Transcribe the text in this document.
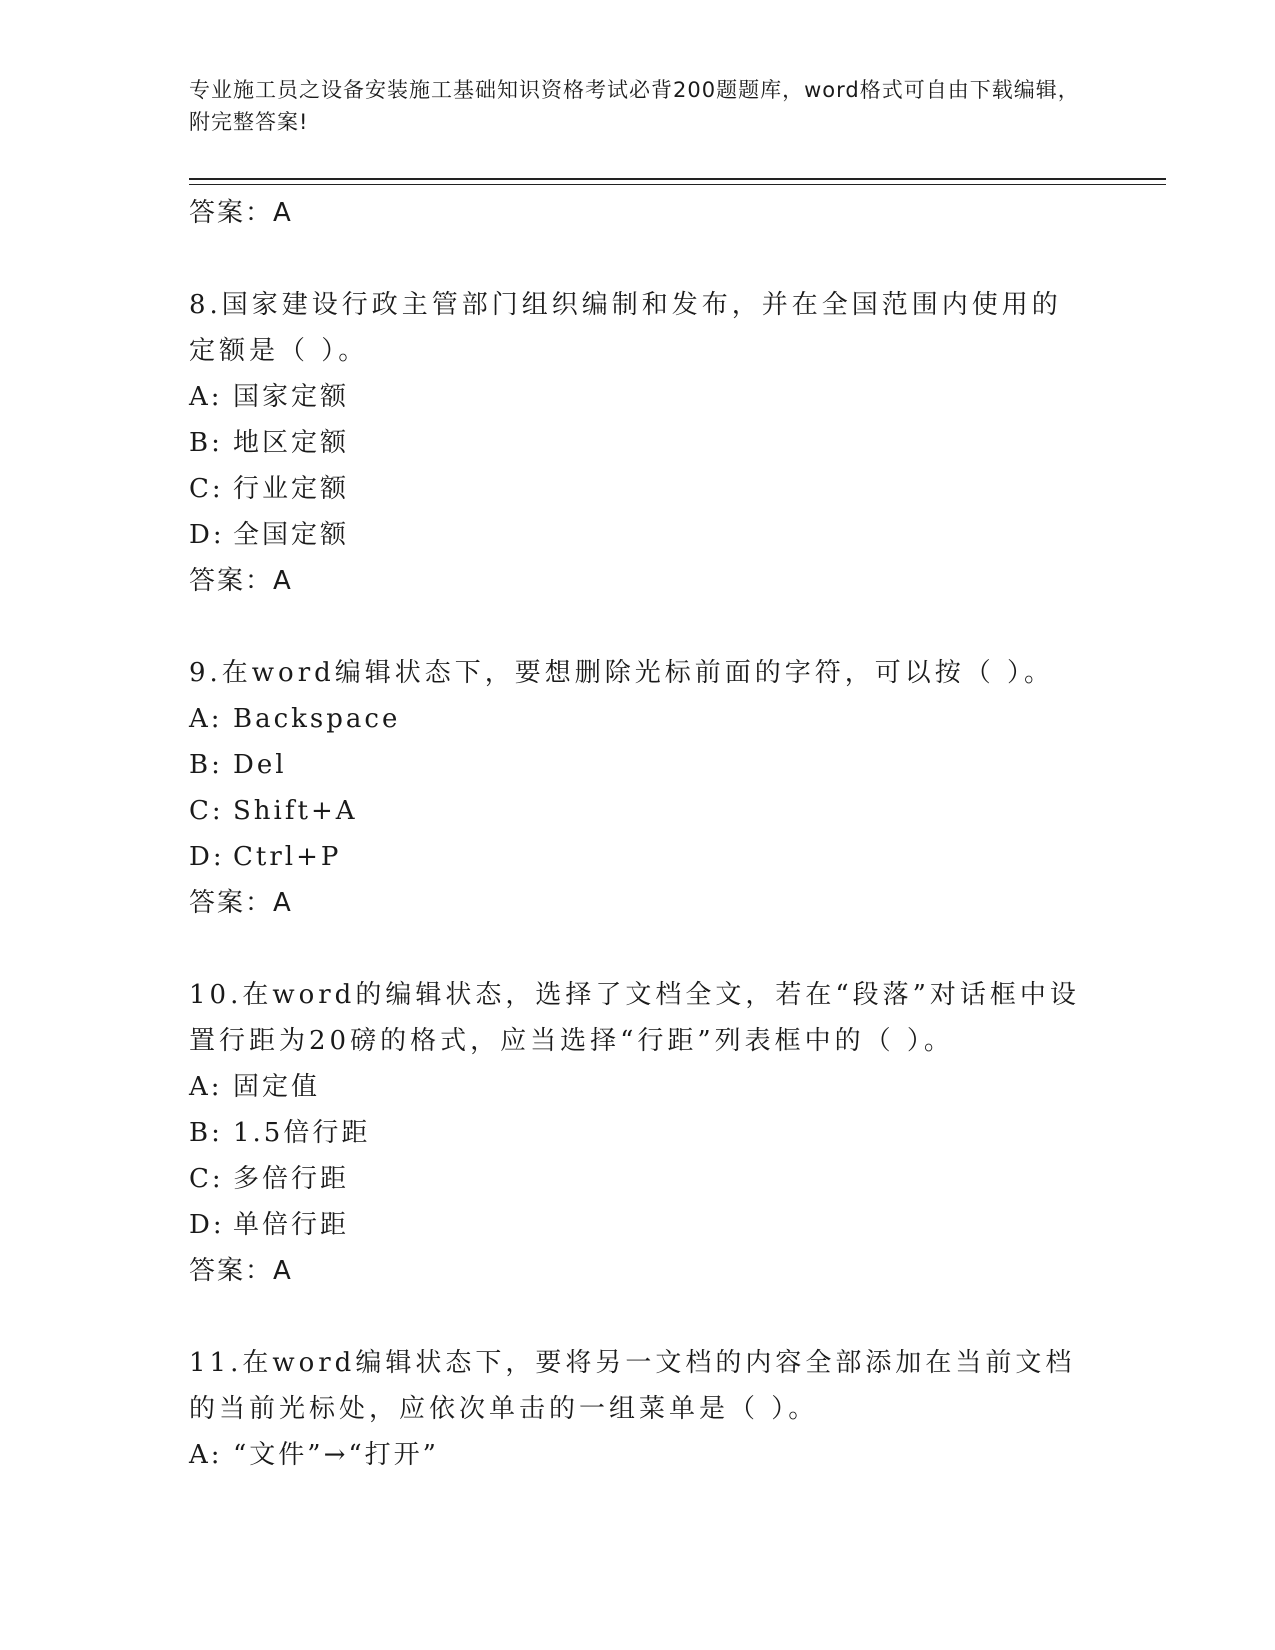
专业施工员之设备安装施工基础知识资格考试必背200题题库，word格式可自由下载编辑，附完整答案!
答案：A
8.国家建设行政主管部门组织编制和发布，并在全国范围内使用的定额是（ ）。
A: 国家定额
B: 地区定额
C: 行业定额
D: 全国定额
答案：A
9.在word编辑状态下，要想删除光标前面的字符，可以按（ ）。
A: Backspace
B: Del
C: Shift+A
D: Ctrl+P
答案：A
10.在word的编辑状态，选择了文档全文，若在“段落”对话框中设置行距为20磅的格式，应当选择“行距”列表框中的（ ）。
A: 固定值
B: 1.5倍行距
C: 多倍行距
D: 单倍行距
答案：A
11.在word编辑状态下，要将另一文档的内容全部添加在当前文档的当前光标处，应依次单击的一组菜单是（ ）。
A: “文件”→“打开”
